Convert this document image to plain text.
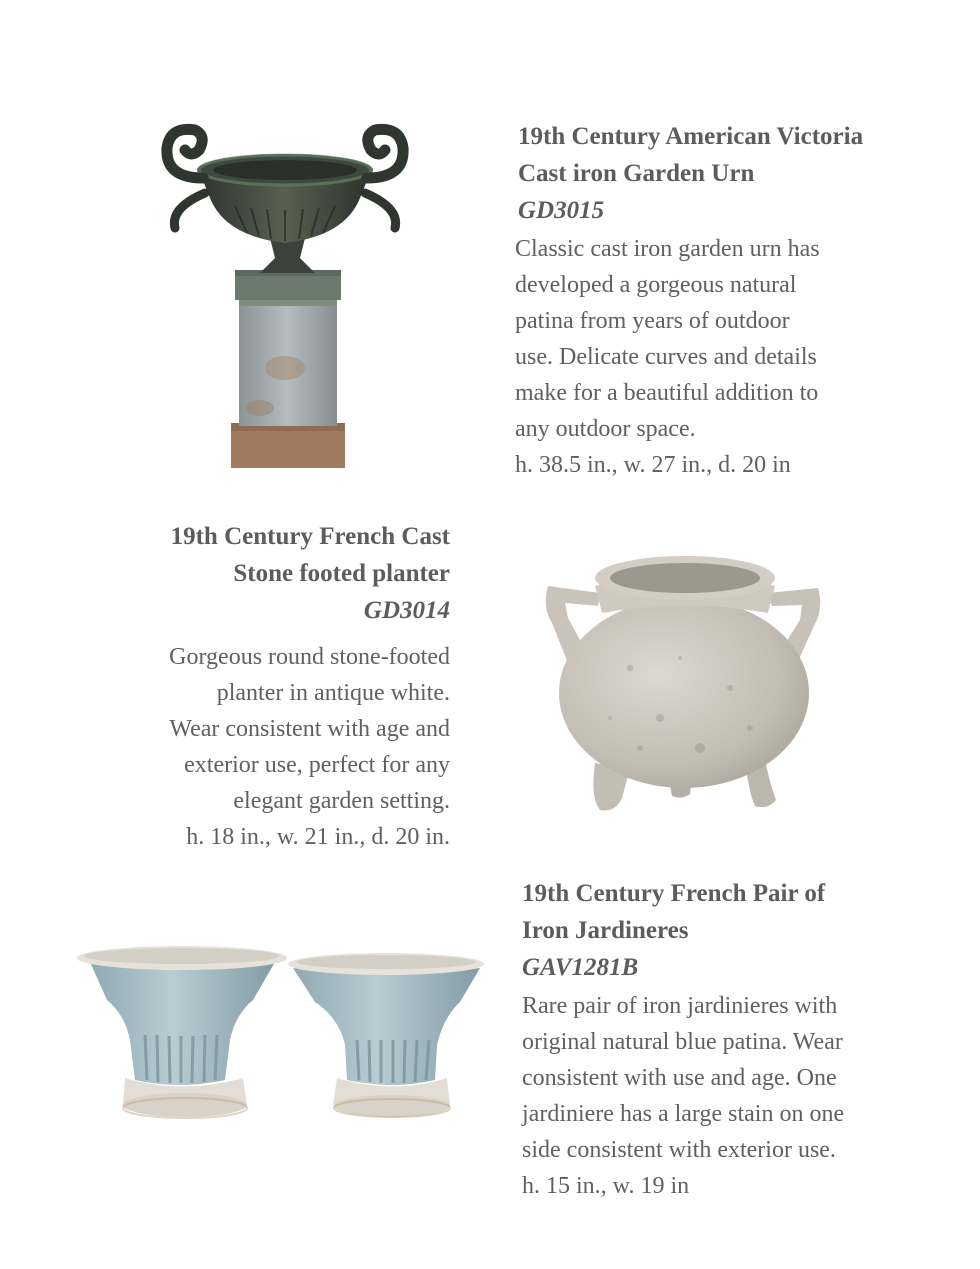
19th Century American Victoria
Cast iron Garden Urn

GD3015

Classic cast iron garden urn has
developed a gorgeous natural
patina from years of outdoor
use. Delicate curves and details
make for a beautiful addition to
any outdoor space.

h. 38.5 in., w. 27 in., d. 20 in

19th Century French Cast
Stone footed planter

GD3014

Gorgeous round stone-footed
planter in antique white.
Wear consistent with age and
exterior use, perfect for any
elegant garden setting.

h. 18 in., w. 21 in., d. 20 in.

19th Century French Pair of
Iron Jardineres

GAV1281B

Rare pair of iron jardinieres with
original natural blue patina. Wear
consistent with use and age. One
jardiniere has a large stain on one
side consistent with exterior use.

h. 15 in., w. 19 in
